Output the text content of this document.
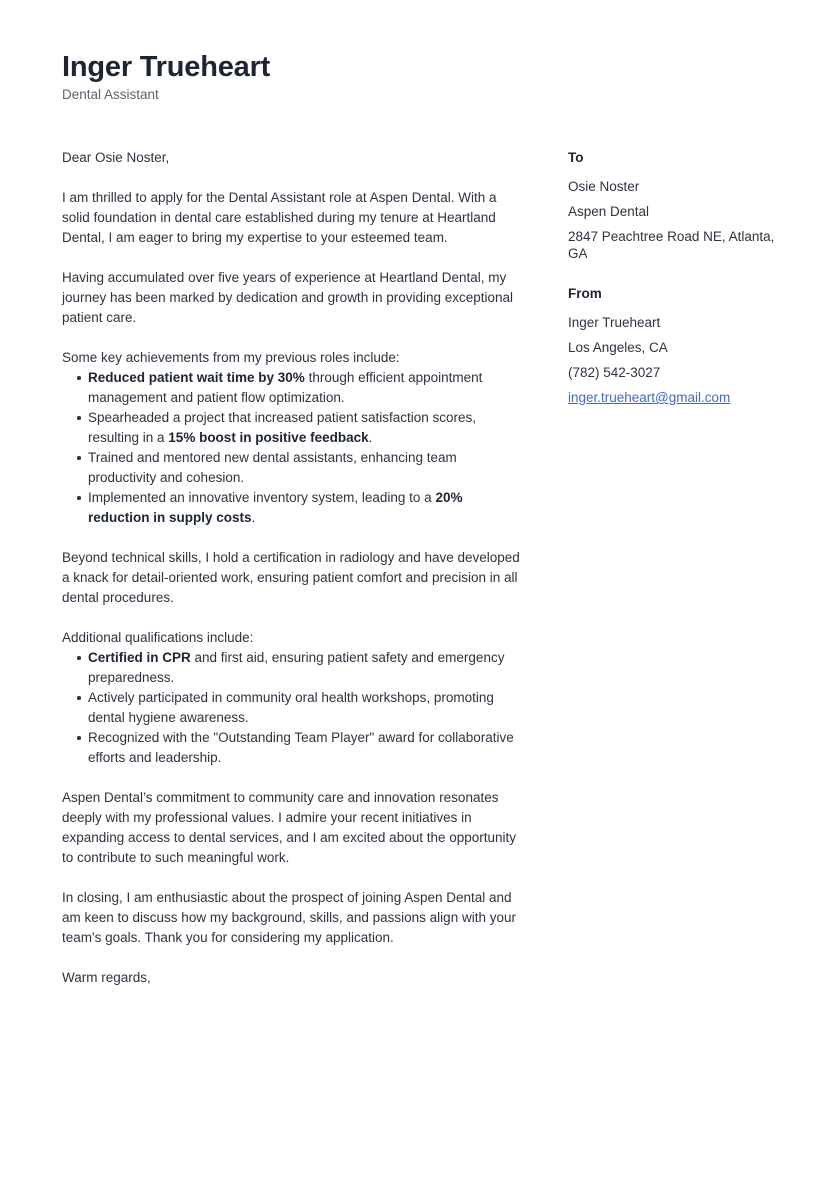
Inger Trueheart
Dental Assistant

Dear Osie Noster,

I am thrilled to apply for the Dental Assistant role at Aspen Dental. With a solid foundation in dental care established during my tenure at Heartland Dental, I am eager to bring my expertise to your esteemed team.

Having accumulated over five years of experience at Heartland Dental, my journey has been marked by dedication and growth in providing exceptional patient care.

Some key achievements from my previous roles include:

Reduced patient wait time by 30% through efficient appointment management and patient flow optimization.
Spearheaded a project that increased patient satisfaction scores, resulting in a 15% boost in positive feedback.
Trained and mentored new dental assistants, enhancing team productivity and cohesion.
Implemented an innovative inventory system, leading to a 20% reduction in supply costs.

Beyond technical skills, I hold a certification in radiology and have developed a knack for detail-oriented work, ensuring patient comfort and precision in all dental procedures.

Additional qualifications include:

Certified in CPR and first aid, ensuring patient safety and emergency preparedness.
Actively participated in community oral health workshops, promoting dental hygiene awareness.
Recognized with the "Outstanding Team Player" award for collaborative efforts and leadership.

Aspen Dental’s commitment to community care and innovation resonates deeply with my professional values. I admire your recent initiatives in expanding access to dental services, and I am excited about the opportunity to contribute to such meaningful work.

In closing, I am enthusiastic about the prospect of joining Aspen Dental and am keen to discuss how my background, skills, and passions align with your team's goals. Thank you for considering my application.

Warm regards,

To
Osie Noster
Aspen Dental
2847 Peachtree Road NE, Atlanta, GA
From
Inger Trueheart
Los Angeles, CA
(782) 542-3027
inger.trueheart@gmail.com
